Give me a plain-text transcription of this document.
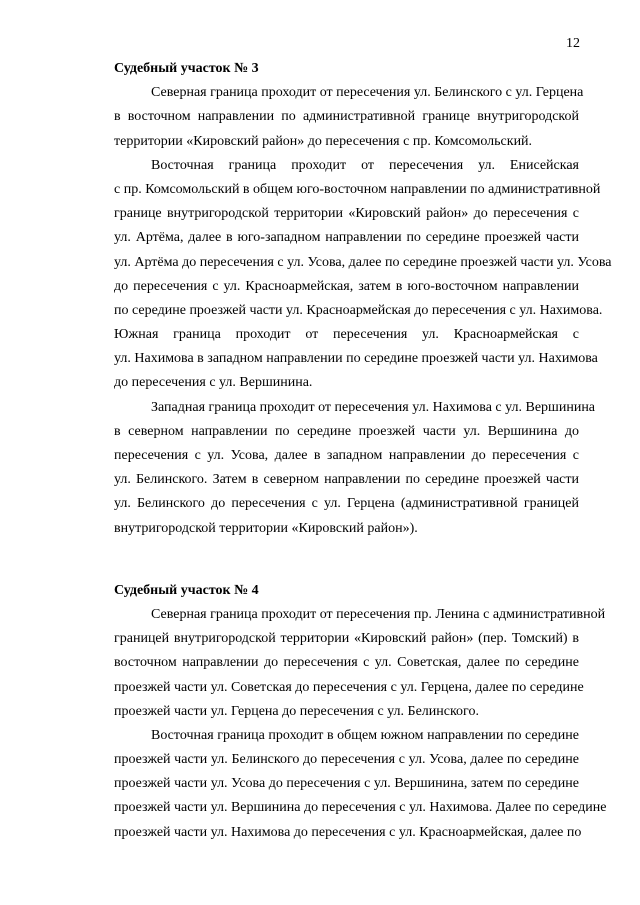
12

Судебный участок № 3

Северная граница проходит от пересечения ул. Белинского с ул. Герцена
в восточном направлении по административной границе внутригородской
территории «Кировский район» до пересечения с пр. Комсомольский.
Восточная граница проходит от пересечения ул. Енисейская
с пр. Комсомольский в общем юго-восточном направлении по административной
границе внутригородской территории «Кировский район» до пересечения с
ул. Артёма, далее в юго-западном направлении по середине проезжей части
ул. Артёма до пересечения с ул. Усова, далее по середине проезжей части ул. Усова
до пересечения с ул. Красноармейская, затем в юго-восточном направлении
по середине проезжей части ул. Красноармейская до пересечения с ул. Нахимова.
Южная граница проходит от пересечения ул. Красноармейская с
ул. Нахимова в западном направлении по середине проезжей части ул. Нахимова
до пересечения с ул. Вершинина.
Западная граница проходит от пересечения ул. Нахимова с ул. Вершинина
в северном направлении по середине проезжей части ул. Вершинина до
пересечения с ул. Усова, далее в западном направлении до пересечения с
ул. Белинского. Затем в северном направлении по середине проезжей части
ул. Белинского до пересечения с ул. Герцена (административной границей
внутригородской территории «Кировский район»).

Судебный участок № 4

Северная граница проходит от пересечения пр. Ленина с административной
границей внутригородской территории «Кировский район» (пер. Томский) в
восточном направлении до пересечения с ул. Советская, далее по середине
проезжей части ул. Советская до пересечения с ул. Герцена, далее по середине
проезжей части ул. Герцена до пересечения с ул. Белинского.
Восточная граница проходит в общем южном направлении по середине
проезжей части ул. Белинского до пересечения с ул. Усова, далее по середине
проезжей части ул. Усова до пересечения с ул. Вершинина, затем по середине
проезжей части ул. Вершинина до пересечения с ул. Нахимова. Далее по середине
проезжей части ул. Нахимова до пересечения с ул. Красноармейская, далее по
